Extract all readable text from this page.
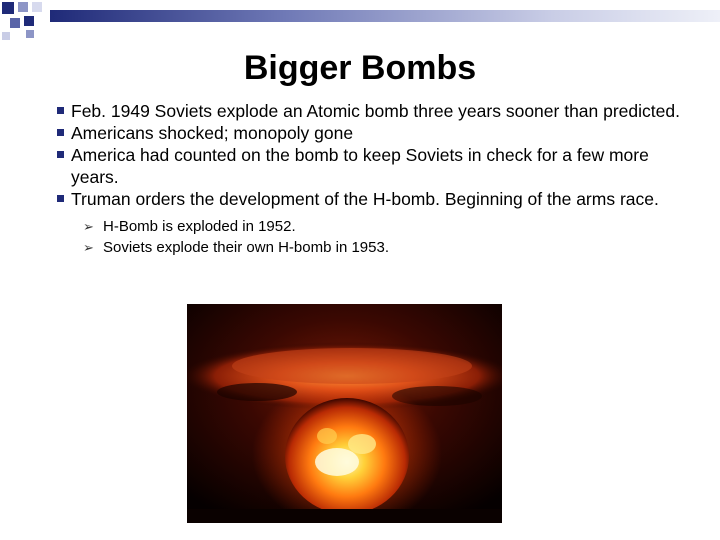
Bigger Bombs
Feb. 1949 Soviets explode an Atomic bomb three years sooner than predicted.
Americans shocked; monopoly gone
America had counted on the bomb to keep Soviets in check for a few more years.
Truman orders the development of the H-bomb. Beginning of the arms race.
➢ H-Bomb is exploded in 1952.
➢ Soviets explode their own H-bomb in 1953.
